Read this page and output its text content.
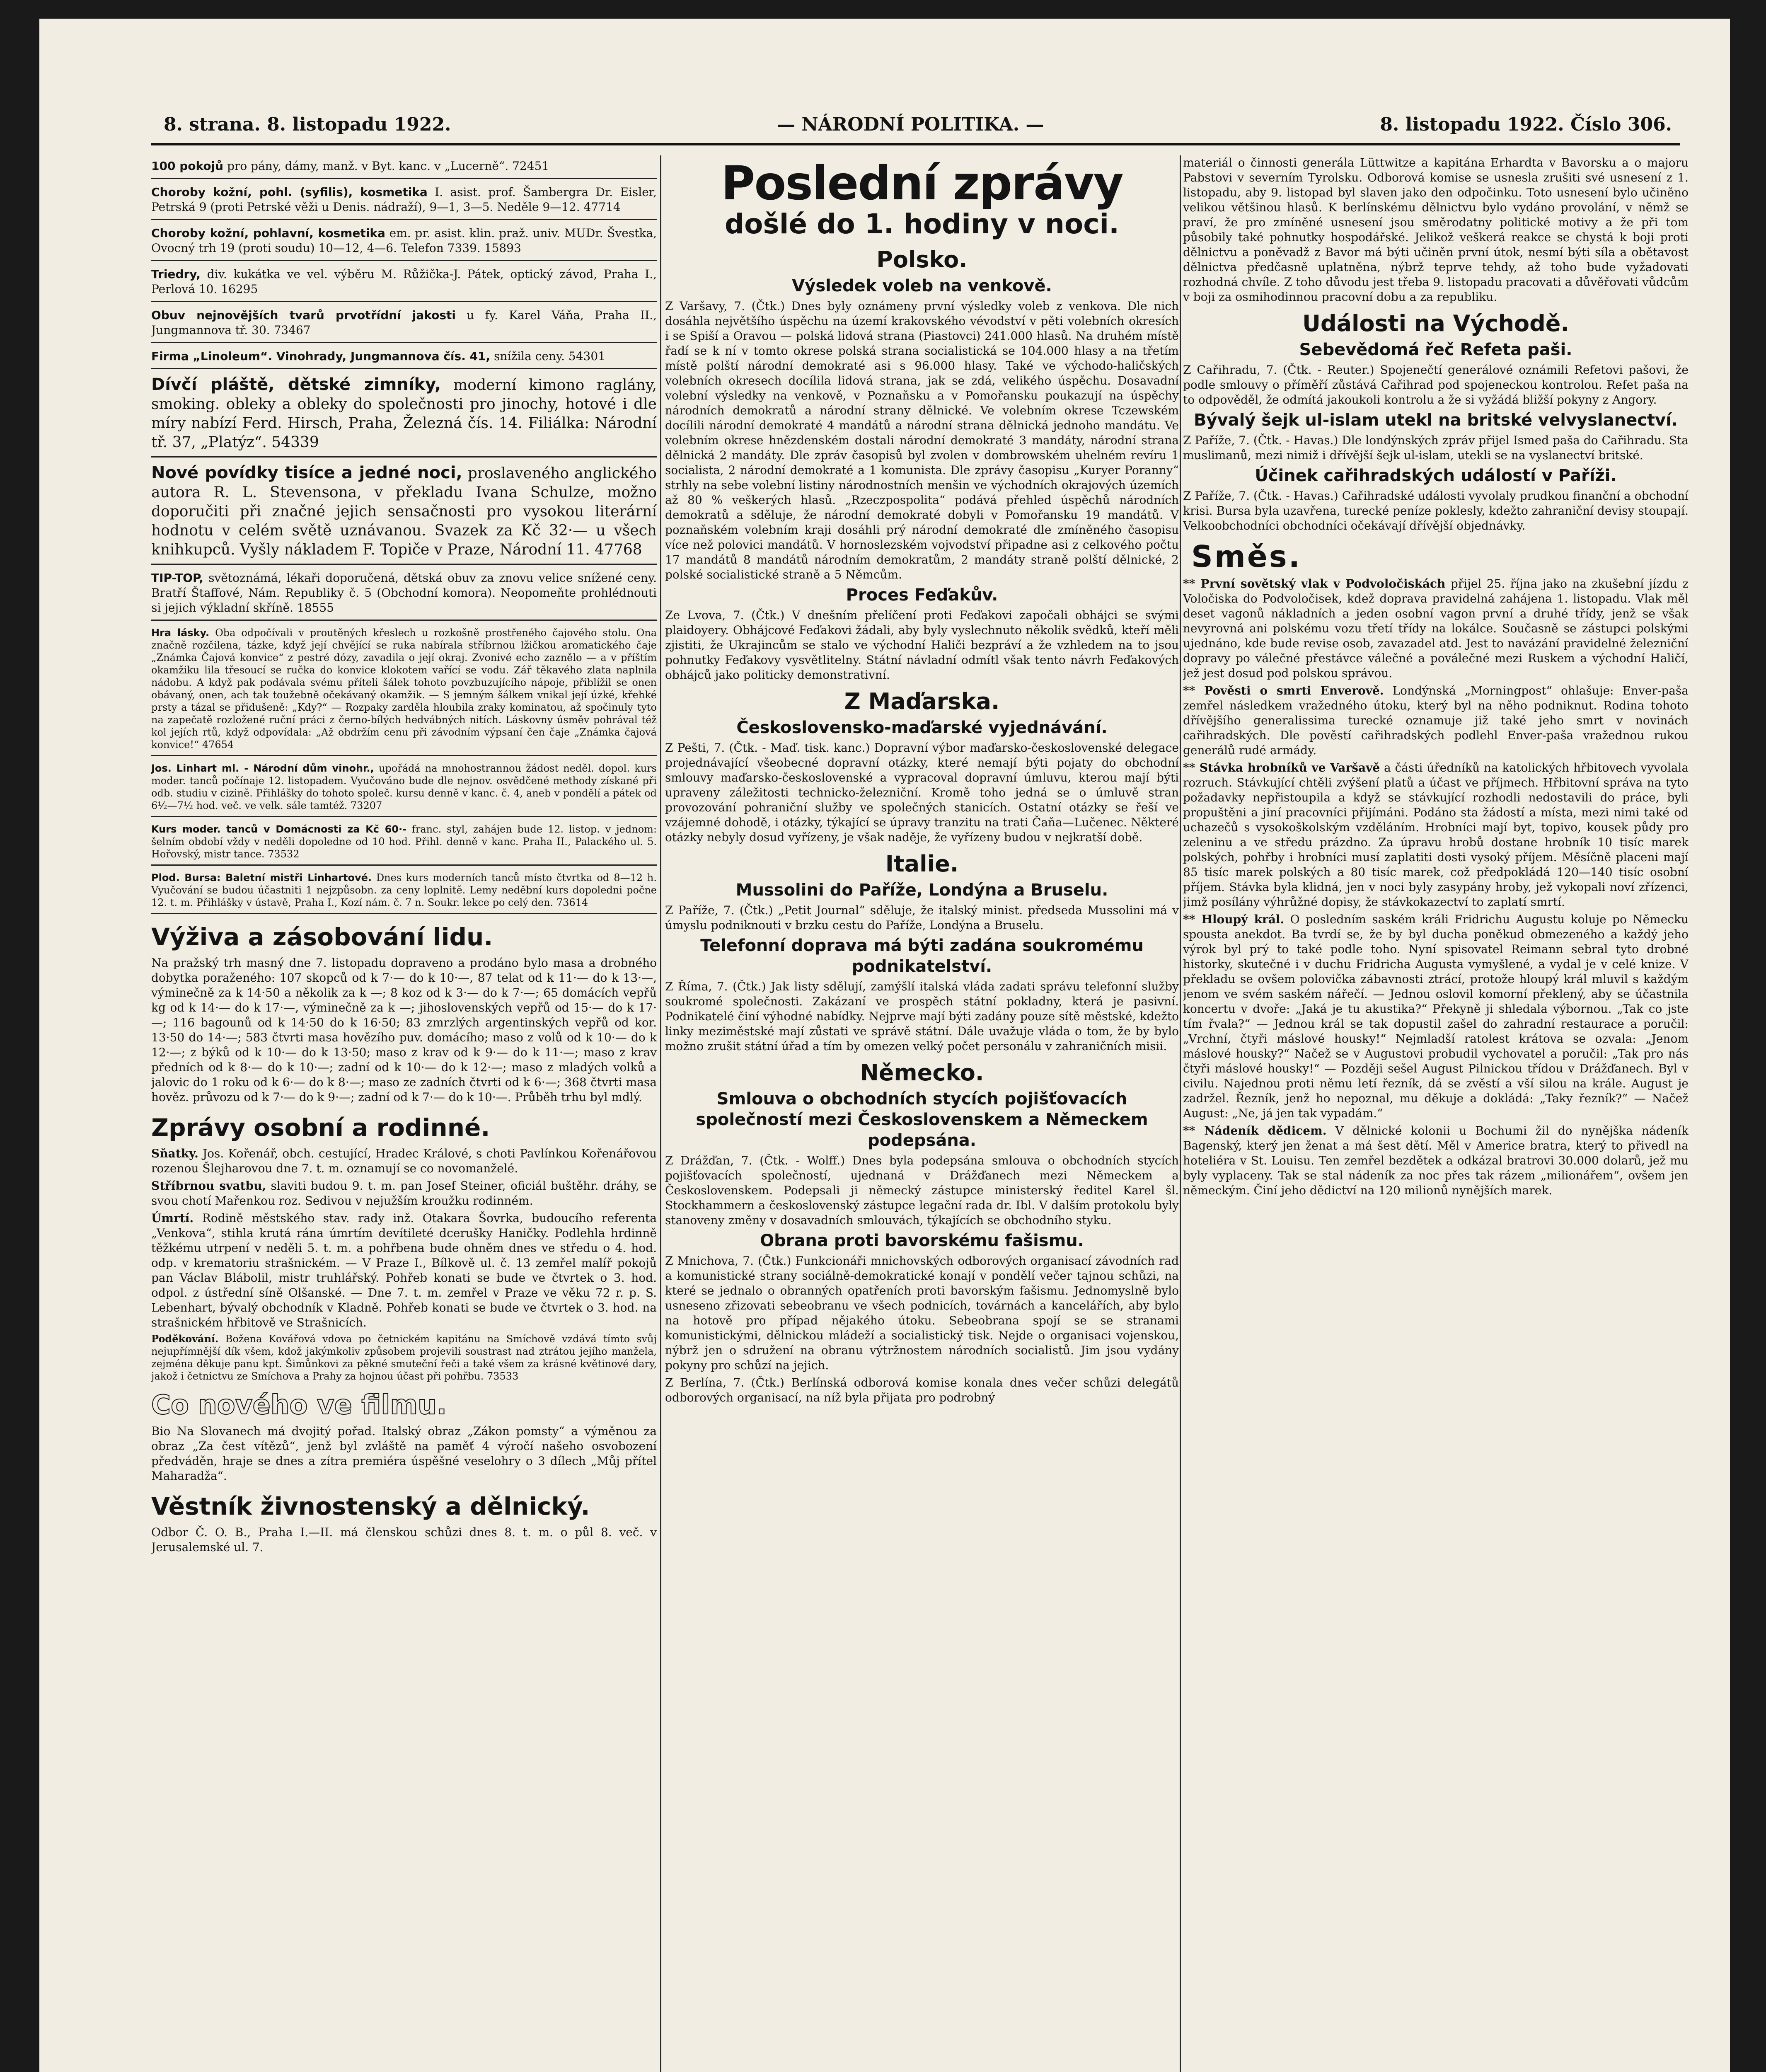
8. strana. 8. listopadu 1922.	— NÁRODNÍ POLITIKA. —	8. listopadu 1922. Číslo 306.
100 pokojů pro pány, dámy, manž. v Byt. kanc. v „Lucerně“. 72451
Choroby kožní, pohl. (syfilis), kosmetika I. asist. prof. Šambergra Dr. Eisler, Petrská 9 (proti Petrské věži u Denis. nádraží), 9—1, 3—5. Neděle 9—12. 47714
Choroby kožní, pohlavní, kosmetika em. pr. asist. klin. praž. univ. MUDr. Švestka, Ovocný trh 19 (proti soudu) 10—12, 4—6. Telefon 7339. 15893
Triedry, div. kukátka ve vel. výběru M. Růžička-J. Pátek, optický závod, Praha I., Perlová 10. 16295
Obuv nejnovějších tvarů prvotřídní jakosti u fy. Karel Váňa, Praha II., Jungmannova tř. 30. 73467
Firma „Linoleum“. Vinohrady, Jungmannova čís. 41, snížila ceny. 54301
Dívčí pláště, dětské zimníky, moderní kimono raglány, smoking. obleky a obleky do společnosti pro jinochy, hotové i dle míry nabízí Ferd. Hirsch, Praha, Železná čís. 14. Filiálka: Národní tř. 37, „Platýz“. 54339
Nové povídky tisíce a jedné noci, proslaveného anglického autora R. L. Stevensona, v překladu Ivana Schulze, možno doporučiti při značné jejich sensačnosti pro vysokou literární hodnotu v celém světě uznávanou. Svazek za Kč 32·— u všech knihkupců. Vyšly nákladem F. Topiče v Praze, Národní 11. 47768
TIP-TOP, světoznámá, lékaři doporučená, dětská obuv za znovu velice snížené ceny. Bratří Štaffové, Nám. Republiky č. 5 (Obchodní komora). Neopomeňte prohlédnouti si jejich výkladní skříně. 18555
Hra lásky. Oba odpočívali v proutěných křeslech u rozkošně prostřeného čajového stolu. Ona značně rozčilena, tázke, když její chvějící se ruka nabírala stříbrnou lžičkou aromatického čaje „Známka Čajová konvice“ z pestré dózy, zavadila o její okraj. Zvonivé echo zaznělo — a v příštím okamžiku lila třesoucí se ručka do konvice klokotem vařící se vodu. Zář těkavého zlata naplnila nádobu. A když pak podávala svému příteli šálek tohoto povzbuzujícího nápoje, přiblížil se onen obávaný, onen, ach tak toužebně očekávaný okamžik. — S jemným šálkem vnikal její úzké, křehké prsty a tázal se přidušeně: „Kdy?“ — Rozpaky zarděla hloubila zraky kominatou, až spočinuly tyto na zapečatě rozložené ruční práci z černo-bílých hedvábných nitích. Láskovny úsměv pohrával též kol jejích rtů, když odpovídala: „Až obdržím cenu při závodním výpsaní čen čaje „Známka čajová konvice!“ 47654
Jos. Linhart ml. - Národní dům vinohr., upořádá na mnohostrannou žádost neděl. dopol. kurs moder. tanců počínaje 12. listopadem. Vyučováno bude dle nejnov. osvědčené methody získané při odb. studiu v cizině. Přihlášky do tohoto společ. kursu denně v kanc. č. 4, aneb v pondělí a pátek od 6½—7½ hod. več. ve velk. sále tamtéž. 73207
Kurs moder. tanců v Domácnosti za Kč 60·- franc. styl, zahájen bude 12. listop. v jednom: šelním období vždy v neděli dopoledne od 10 hod. Přihl. denně v kanc. Praha II., Palackého ul. 5. Hořovský, mistr tance. 73532
Plod. Bursa: Baletní mistři Linhartové. Dnes kurs moderních tanců místo čtvrtka od 8—12 h. Vyučování se budou účastniti 1 nejzpůsobn. za ceny loplnitě. Lemy neděbní kurs dopoledni počne 12. t. m. Přihlášky v ústavě, Praha I., Kozí nám. č. 7 n. Soukr. lekce po celý den. 73614
Výživa a zásobování lidu.

Na pražský trh masný dne 7. listopadu dopraveno a prodáno bylo masa a drobného dobytka poraženého: 107 skopců od k 7·— do k 10·—, 87 telat od k 11·— do k 13·—, výminečně za k 14·50 a několik za k —; 8 koz od k 3·— do k 7·—; 65 domácích vepřů kg od k 14·— do k 17·—, výminečně za k —; jihoslovenských vepřů od 15·— do k 17·—; 116 bagounů od k 14·50 do k 16·50; 83 zmrzlých argentinských vepřů od kor. 13·50 do 14·—; 583 čtvrti masa hovězího puv. domácího; maso z volů od k 10·— do k 12·—; z býků od k 10·— do k 13·50; maso z krav od k 9·— do k 11·—; maso z krav předních od k 8·— do k 10·—; zadní od k 10·— do k 12·—; maso z mladých volků a jalovic do 1 roku od k 6·— do k 8·—; maso ze zadních čtvrti od k 6·—; 368 čtvrti masa hověz. průvozu od k 7·— do k 9·—; zadní od k 7·— do k 10·—. Průběh trhu byl mdlý.

Zprávy osobní a rodinné.

Sňatky. Jos. Kořenář, obch. cestující, Hradec Králové, s choti Pavlínkou Kořenářovou rozenou Šlejharovou dne 7. t. m. oznamují se co novomanželé.

Stříbrnou svatbu, slaviti budou 9. t. m. pan Josef Steiner, oficiál buštěhr. dráhy, se svou chotí Mařenkou roz. Sedivou v nejužším kroužku rodinném.

Úmrtí. Rodině městského stav. rady inž. Otakara Šovrka, budoucího referenta „Venkova“, stihla krutá rána úmrtím devítileté dcerušky Haničky. Podlehla hrdinně těžkému utrpení v neděli 5. t. m. a pohřbena bude ohněm dnes ve středu o 4. hod. odp. v krematoriu strašnickém. — V Praze I., Bílkově ul. č. 13 zemřel malíř pokojů pan Václav Blábolil, mistr truhlářský. Pohřeb konati se bude ve čtvrtek o 3. hod. odpol. z ústřední síně Olšanské. — Dne 7. t. m. zemřel v Praze ve věku 72 r. p. S. Lebenhart, bývalý obchodník v Kladně. Pohřeb konati se bude ve čtvrtek o 3. hod. na strašnickém hřbitově ve Strašnicích.

Poděkování. Božena Kovářová vdova po četnickém kapitánu na Smíchově vzdává tímto svůj nejupřímnější dík všem, kdož jakýmkoliv způsobem projevili soustrast nad ztrátou jejího manžela, zejména děkuje panu kpt. Šimůnkovi za pěkné smuteční řeči a také všem za krásné květinové dary, jakož i četnictvu ze Smíchova a Prahy za hojnou účast při pohřbu. 73533

Co nového ve filmu.

Bio Na Slovanech má dvojitý pořad. Italský obraz „Zákon pomsty“ a výměnou za obraz „Za čest vítězů“, jenž byl zvláště na paměť 4 výročí našeho osvobození předváděn, hraje se dnes a zítra premiéra úspěšné veselohry o 3 dílech „Můj přítel Maharadža“.

Věstník živnostenský a dělnický.

Odbor Č. O. B., Praha I.—II. má členskou schůzi dnes 8. t. m. o půl 8. več. v Jerusalemské ul. 7.

Poslední zprávy
došlé do 1. hodiny v noci.
Polsko.
Výsledek voleb na venkově.

Z Varšavy, 7. (Čtk.) Dnes byly oznámeny první výsledky voleb z venkova. Dle nich dosáhla největšího úspěchu na území krakovského vévodství v pěti volebních okresích i se Spiší a Oravou — polská lidová strana (Piastovci) 241.000 hlasů. Na druhém místě řadí se k ní v tomto okrese polská strana socialistická se 104.000 hlasy a na třetím místě polští národní demokraté asi s 96.000 hlasy. Také ve východo-haličských volebních okresech docílila lidová strana, jak se zdá, velikého úspěchu. Dosavadní volební výsledky na venkově, v Poznaňsku a v Pomořansku poukazují na úspěchy národních demokratů a národní strany dělnické. Ve volebním okrese Tczewském docílili národní demokraté 4 mandátů a národní strana dělnická jednoho mandátu. Ve volebním okrese hnězdenském dostali národní demokraté 3 mandáty, národní strana dělnická 2 mandáty. Dle zpráv časopisů byl zvolen v dombrowském uhelném revíru 1 socialista, 2 národní demokraté a 1 komunista. Dle zprávy časopisu „Kuryer Poranny“ strhly na sebe volební listiny národnostních menšin ve východních okrajových územích až 80 % veškerých hlasů. „Rzeczpospolita“ podává přehled úspěchů národních demokratů a sděluje, že národní demokraté dobyli v Pomořansku 19 mandátů. V poznaňském volebním kraji dosáhli prý národní demokraté dle zmíněného časopisu více než polovici mandátů. V hornoslezském vojvodství připadne asi z celkového počtu 17 mandátů 8 mandátů národním demokratům, 2 mandáty straně polští dělnické, 2 polské socialistické straně a 5 Němcům.

Proces Feďakův.

Ze Lvova, 7. (Čtk.) V dnešním přelíčení proti Feďakovi započali obhájci se svými plaidoyery. Obhájcové Feďakovi žádali, aby byly vyslechnuto několik svědků, kteří měli zjistiti, že Ukrajincům se stalo ve východní Haliči bezpráví a že vzhledem na to jsou pohnutky Feďakovy vysvětlitelny. Státní návladní odmítl však tento návrh Feďakových obhájců jako politicky demonstrativní.

Z Maďarska.
Československo-maďarské vyjednávání.

Z Pešti, 7. (Čtk. - Maď. tisk. kanc.) Dopravní výbor maďarsko-československé delegace projednávající všeobecné dopravní otázky, které nemají býti pojaty do obchodní smlouvy maďarsko-československé a vypracoval dopravní úmluvu, kterou mají býti upraveny záležitosti technicko-železniční. Kromě toho jedná se o úmluvě stran provozování pohraniční služby ve společných stanicích. Ostatní otázky se řeší ve vzájemné dohodě, i otázky, týkající se úpravy tranzitu na trati Čaňa—Lučenec. Některé otázky nebyly dosud vyřízeny, je však naděje, že vyřízeny budou v nejkratší době.

Italie.
Mussolini do Paříže, Londýna a Bruselu.

Z Paříže, 7. (Čtk.) „Petit Journal“ sděluje, že italský minist. předseda Mussolini má v úmyslu podniknouti v brzku cestu do Paříže, Londýna a Bruselu.

Telefonní doprava má býti zadána soukromému podnikatelství.

Z Říma, 7. (Čtk.) Jak listy sdělují, zamýšlí italská vláda zadati správu telefonní služby soukromé společnosti. Zakázaní ve prospěch státní pokladny, která je pasivní. Podnikatelé činí výhodné nabídky. Nejprve mají býti zadány pouze sítě městské, kdežto linky meziměstské mají zůstati ve správě státní. Dále uvažuje vláda o tom, že by bylo možno zrušit státní úřad a tím by omezen velký počet personálu v zahraničních misii.

Německo.
Smlouva o obchodních stycích pojišťovacích společností mezi Československem a Německem podepsána.

Z Drážďan, 7. (Čtk. - Wolff.) Dnes byla podepsána smlouva o obchodních stycích pojišťovacích společností, ujednaná v Drážďanech mezi Německem a Československem. Podepsali ji německý zástupce ministerský ředitel Karel šl. Stockhammern a československý zástupce legační rada dr. Ibl. V dalším protokolu byly stanoveny změny v dosavadních smlouvách, týkajících se obchodního styku.

Obrana proti bavorskému fašismu.

Z Mnichova, 7. (Čtk.) Funkcionáři mnichovských odborových organisací závodních rad a komunistické strany sociálně-demokratické konají v pondělí večer tajnou schůzi, na které se jednalo o obranných opatřeních proti bavorským fašismu. Jednomyslně bylo usneseno zřizovati sebeobranu ve všech podnicích, továrnách a kancelářích, aby bylo na hotově pro případ nějakého útoku. Sebeobrana spojí se se stranami komunistickými, dělnickou mládeží a socialistický tisk. Nejde o organisaci vojenskou, nýbrž jen o sdružení na obranu výtržnostem národních socialistů. Jim jsou vydány pokyny pro schůzí na jejich.

Z Berlína, 7. (Čtk.) Berlínská odborová komise konala dnes večer schůzi delegátů odborových organisací, na níž byla přijata pro podrobný

materiál o činnosti generála Lüttwitze a kapitána Erhardta v Bavorsku a o majoru Pabstovi v severním Tyrolsku. Odborová komise se usnesla zrušiti své usnesení z 1. listopadu, aby 9. listopad byl slaven jako den odpočinku. Toto usnesení bylo učiněno velikou většinou hlasů. K berlínskému dělnictvu bylo vydáno provolání, v němž se praví, že pro zmíněné usnesení jsou směrodatny politické motivy a že při tom působily také pohnutky hospodářské. Jelikož veškerá reakce se chystá k boji proti dělnictvu a poněvadž z Bavor má býti učiněn první útok, nesmí býti síla a obětavost dělnictva předčasně uplatněna, nýbrž teprve tehdy, až toho bude vyžadovati rozhodná chvíle. Z toho důvodu jest třeba 9. listopadu pracovati a důvěřovati vůdcům v boji za osmihodinnou pracovní dobu a za republiku.

Události na Východě.
Sebevědomá řeč Refeta paši.

Z Cařihradu, 7. (Čtk. - Reuter.) Spojenečtí generálové oznámili Refetovi pašovi, že podle smlouvy o příměří zůstává Cařihrad pod spojeneckou kontrolou. Refet paša na to odpověděl, že odmítá jakoukoli kontrolu a že si vyžádá bližší pokyny z Angory.

Bývalý šejk ul-islam utekl na britské velvyslanectví.

Z Paříže, 7. (Čtk. - Havas.) Dle londýnských zpráv přijel Ismed paša do Cařihradu. Sta muslimanů, mezi nimiž i dřívější šejk ul-islam, utekli se na vyslanectví britské.

Účinek cařihradských událostí v Paříži.

Z Paříže, 7. (Čtk. - Havas.) Cařihradské události vyvolaly prudkou finanční a obchodní krisi. Bursa byla uzavřena, turecké peníze poklesly, kdežto zahraniční devisy stoupají. Velkoobchodníci obchodníci očekávají dřívější objednávky.

Směs.

** První sovětský vlak v Podvoločiskách přijel 25. října jako na zkušební jízdu z Voločiska do Podvoločisek, kdež doprava pravidelná zahájena 1. listopadu. Vlak měl deset vagonů nákladních a jeden osobní vagon první a druhé třídy, jenž se však nevyrovná ani polskému vozu třetí třídy na lokálce. Současně se zástupci polskými ujednáno, kde bude revise osob, zavazadel atd. Jest to navázání pravidelné železniční dopravy po válečné přestávce válečné a poválečné mezi Ruskem a východní Haličí, jež jest dosud pod polskou správou.

** Pověsti o smrti Enverově. Londýnská „Morningpost“ ohlašuje: Enver-paša zemřel následkem vražedného útoku, který byl na něho podniknut. Rodina tohoto dřívějšího generalissima turecké oznamuje již také jeho smrt v novinách cařihradských. Dle pověstí cařihradských podlehl Enver-paša vražednou rukou generálů rudé armády.

** Stávka hrobníků ve Varšavě a části úředníků na katolických hřbitovech vyvolala rozruch. Stávkující chtěli zvýšení platů a účast ve příjmech. Hřbitovní správa na tyto požadavky nepřistoupila a když se stávkující rozhodli nedostavili do práce, byli propuštěni a jiní pracovníci přijímáni. Podáno sta žádostí a místa, mezi nimi také od uchazečů s vysokoškolským vzděláním. Hrobníci mají byt, topivo, kousek půdy pro zeleninu a ve středu prázdno. Za úpravu hrobů dostane hrobník 10 tisíc marek polských, pohřby i hrobníci musí zaplatiti dosti vysoký příjem. Měsíčně placeni mají 85 tisíc marek polských a 80 tisíc marek, což předpokládá 120—140 tisíc osobní příjem. Stávka byla klidná, jen v noci byly zasypány hroby, jež vykopali noví zřízenci, jimž posílány výhrůžné dopisy, že stávkokazectví to zaplatí smrtí.

** Hloupý král. O posledním saském králi Fridrichu Augustu koluje po Německu spousta anekdot. Ba tvrdí se, že by byl ducha poněkud obmezeného a každý jeho výrok byl prý to také podle toho. Nyní spisovatel Reimann sebral tyto drobné historky, skutečné i v duchu Fridricha Augusta vymyšlené, a vydal je v celé knize. V překladu se ovšem polovička zábavnosti ztrácí, protože hloupý král mluvil s každým jenom ve svém saském nářečí. — Jednou oslovil komorní překlený, aby se účastnila koncertu v dvoře: „Jaká je tu akustika?“ Překyně ji shledala výbornou. „Tak co jste tím řvala?“ — Jednou král se tak dopustil zašel do zahradní restaurace a poručil: „Vrchní, čtyři máslové housky!“ Nejmladší ratolest krátova se ozvala: „Jenom máslové housky?“ Načež se v Augustovi probudil vychovatel a poručil: „Tak pro nás čtyři máslové housky!“ — Později sešel August Pilnickou třídou v Drážďanech. Byl v civilu. Najednou proti němu letí řezník, dá se zvěstí a vší silou na krále. August je zadržel. Řezník, jenž ho nepoznal, mu děkuje a dokládá: „Taky řezník?“ — Načež August: „Ne, já jen tak vypadám.“

** Nádeník dědicem. V dělnické kolonii u Bochumi žil do nynějška nádeník Bagenský, který jen ženat a má šest dětí. Měl v Americe bratra, který to přivedl na hoteliéra v St. Louisu. Ten zemřel bezdětek a odkázal bratrovi 30.000 dolarů, jež mu byly vyplaceny. Tak se stal nádeník za noc přes tak rázem „milionářem“, ovšem jen německým. Činí jeho dědictví na 120 milionů nynějších marek.
